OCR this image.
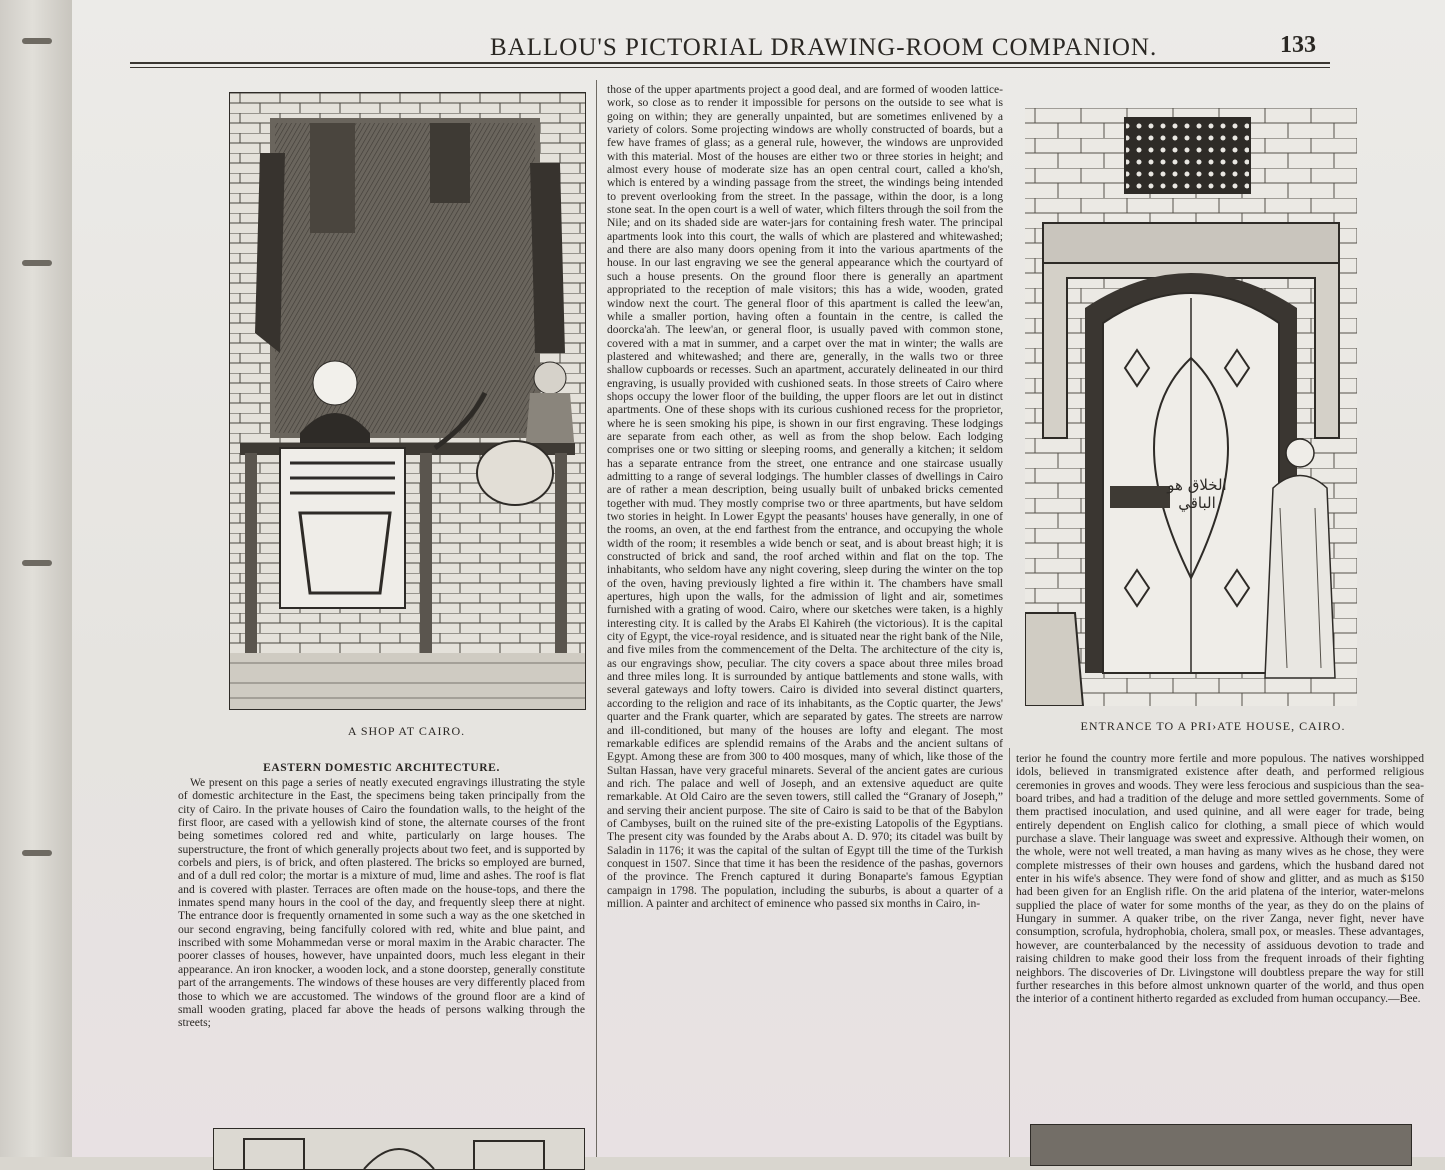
BALLOU'S PICTORIAL DRAWING-ROOM COMPANION.	133
A SHOP AT CAIRO.
الخلاق هو الباقي
ENTRANCE TO A PRI›ATE HOUSE, CAIRO.
EASTERN DOMESTIC ARCHITECTURE.

We present on this page a series of neatly executed engravings illustrating the style of domestic architecture in the East, the specimens being taken principally from the city of Cairo. In the private houses of Cairo the foundation walls, to the height of the first floor, are cased with a yellowish kind of stone, the alternate courses of the front being sometimes colored red and white, particularly on large houses. The superstructure, the front of which generally projects about two feet, and is supported by corbels and piers, is of brick, and often plastered. The bricks so employed are burned, and of a dull red color; the mortar is a mixture of mud, lime and ashes. The roof is flat and is covered with plaster. Terraces are often made on the house-tops, and there the inmates spend many hours in the cool of the day, and frequently sleep there at night. The entrance door is frequently ornamented in some such a way as the one sketched in our second engraving, being fancifully colored with red, white and blue paint, and inscribed with some Mohammedan verse or moral maxim in the Arabic character. The poorer classes of houses, however, have unpainted doors, much less elegant in their appearance. An iron knocker, a wooden lock, and a stone doorstep, generally constitute part of the arrangements. The windows of these houses are very differently placed from those to which we are accustomed. The windows of the ground floor are a kind of small wooden grating, placed far above the heads of persons walking through the streets;

those of the upper apartments project a good deal, and are formed of wooden lattice-work, so close as to render it impossible for persons on the outside to see what is going on within; they are generally unpainted, but are sometimes enlivened by a variety of colors. Some projecting windows are wholly constructed of boards, but a few have frames of glass; as a general rule, however, the windows are unprovided with this material. Most of the houses are either two or three stories in height; and almost every house of moderate size has an open central court, called a kho'sh, which is entered by a winding passage from the street, the windings being intended to prevent overlooking from the street. In the passage, within the door, is a long stone seat. In the open court is a well of water, which filters through the soil from the Nile; and on its shaded side are water-jars for containing fresh water. The principal apartments look into this court, the walls of which are plastered and whitewashed; and there are also many doors opening from it into the various apartments of the house. In our last engraving we see the general appearance which the courtyard of such a house presents. On the ground floor there is generally an apartment appropriated to the reception of male visitors; this has a wide, wooden, grated window next the court. The general floor of this apartment is called the leew'an, while a smaller portion, having often a fountain in the centre, is called the doorcka'ah. The leew'an, or general floor, is usually paved with common stone, covered with a mat in summer, and a carpet over the mat in winter; the walls are plastered and whitewashed; and there are, generally, in the walls two or three shallow cupboards or recesses. Such an apartment, accurately delineated in our third engraving, is usually provided with cushioned seats. In those streets of Cairo where shops occupy the lower floor of the building, the upper floors are let out in distinct apartments. One of these shops with its curious cushioned recess for the proprietor, where he is seen smoking his pipe, is shown in our first engraving. These lodgings are separate from each other, as well as from the shop below. Each lodging comprises one or two sitting or sleeping rooms, and generally a kitchen; it seldom has a separate entrance from the street, one entrance and one staircase usually admitting to a range of several lodgings. The humbler classes of dwellings in Cairo are of rather a mean description, being usually built of unbaked bricks cemented together with mud. They mostly comprise two or three apartments, but have seldom two stories in height. In Lower Egypt the peasants' houses have generally, in one of the rooms, an oven, at the end farthest from the entrance, and occupying the whole width of the room; it resembles a wide bench or seat, and is about breast high; it is constructed of brick and sand, the roof arched within and flat on the top. The inhabitants, who seldom have any night covering, sleep during the winter on the top of the oven, having previously lighted a fire within it. The chambers have small apertures, high upon the walls, for the admission of light and air, sometimes furnished with a grating of wood. Cairo, where our sketches were taken, is a highly interesting city. It is called by the Arabs El Kahireh (the victorious). It is the capital city of Egypt, the vice-royal residence, and is situated near the right bank of the Nile, and five miles from the commencement of the Delta. The architecture of the city is, as our engravings show, peculiar. The city covers a space about three miles broad and three miles long. It is surrounded by antique battlements and stone walls, with several gateways and lofty towers. Cairo is divided into several distinct quarters, according to the religion and race of its inhabitants, as the Coptic quarter, the Jews' quarter and the Frank quarter, which are separated by gates. The streets are narrow and ill-conditioned, but many of the houses are lofty and elegant. The most remarkable edifices are splendid remains of the Arabs and the ancient sultans of Egypt. Among these are from 300 to 400 mosques, many of which, like those of the Sultan Hassan, have very graceful minarets. Several of the ancient gates are curious and rich. The palace and well of Joseph, and an extensive aqueduct are quite remarkable. At Old Cairo are the seven towers, still called the “Granary of Joseph,” and serving their ancient purpose. The site of Cairo is said to be that of the Babylon of Cambyses, built on the ruined site of the pre-existing Latopolis of the Egyptians. The present city was founded by the Arabs about A. D. 970; its citadel was built by Saladin in 1176; it was the capital of the sultan of Egypt till the time of the Turkish conquest in 1507. Since that time it has been the residence of the pashas, governors of the province. The French captured it during Bonaparte's famous Egyptian campaign in 1798. The population, including the suburbs, is about a quarter of a million. A painter and architect of eminence who passed six months in Cairo, in-

terior he found the country more fertile and more populous. The natives worshipped idols, believed in transmigrated existence after death, and performed religious ceremonies in groves and woods. They were less ferocious and suspicious than the sea-board tribes, and had a tradition of the deluge and more settled governments. Some of them practised inoculation, and used quinine, and all were eager for trade, being entirely dependent on English calico for clothing, a small piece of which would purchase a slave. Their language was sweet and expressive. Although their women, on the whole, were not well treated, a man having as many wives as he chose, they were complete mistresses of their own houses and gardens, which the husband dared not enter in his wife's absence. They were fond of show and glitter, and as much as $150 had been given for an English rifle. On the arid platena of the interior, water-melons supplied the place of water for some months of the year, as they do on the plains of Hungary in summer. A quaker tribe, on the river Zanga, never fight, never have consumption, scrofula, hydrophobia, cholera, small pox, or measles. These advantages, however, are counterbalanced by the necessity of assiduous devotion to trade and raising children to make good their loss from the frequent inroads of their fighting neighbors. The discoveries of Dr. Livingstone will doubtless prepare the way for still further researches in this before almost unknown quarter of the world, and thus open the interior of a continent hitherto regarded as excluded from human occupancy.—Bee.
